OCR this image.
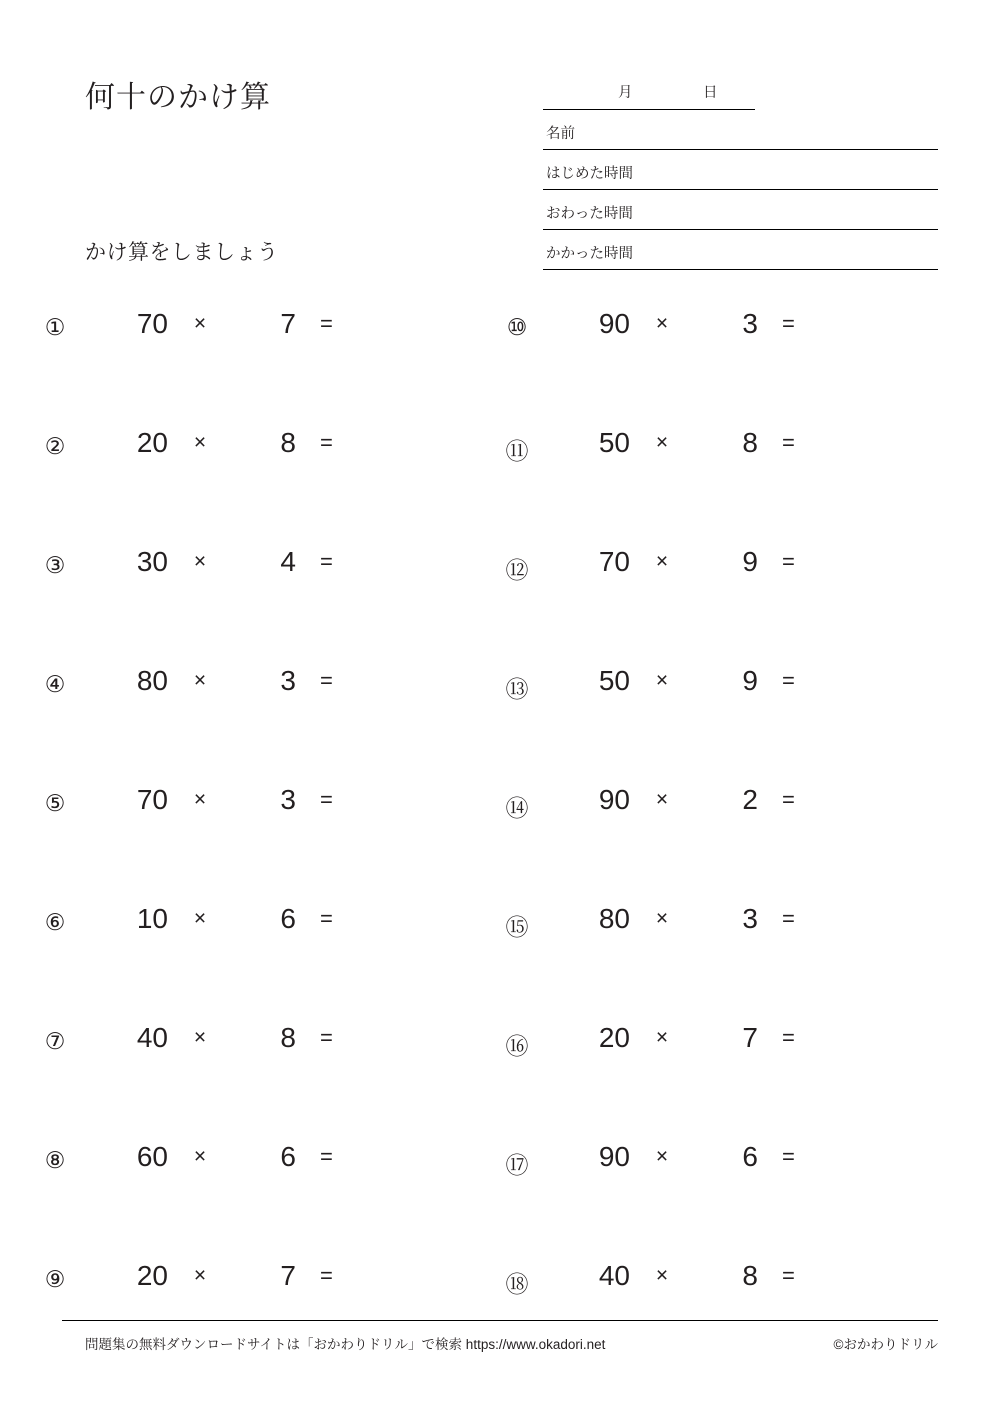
何十のかけ算	月	日
名前
はじめた時間
おわった時間
かかった時間
かけ算をしましょう
①	70 ×	7 =
②	20 ×	8 =
③	30 ×	4 =
④	80 ×	3 =
⑤	70 ×	3 =
⑥	10 ×	6 =
⑦	40 ×	8 =
⑧	60 ×	6 =
⑨	20 ×	7 =
⑩	90 ×	3 =
⑪	50 ×	8 =
⑫	70 ×	9 =
⑬	50 ×	9 =
⑭	90 ×	2 =
⑮	80 ×	3 =
⑯	20 ×	7 =
⑰	90 ×	6 =
⑱	40 ×	8 =
問題集の無料ダウンロードサイトは「おかわりドリル」で検索 https://www.okadori.net	©おかわりドリル
